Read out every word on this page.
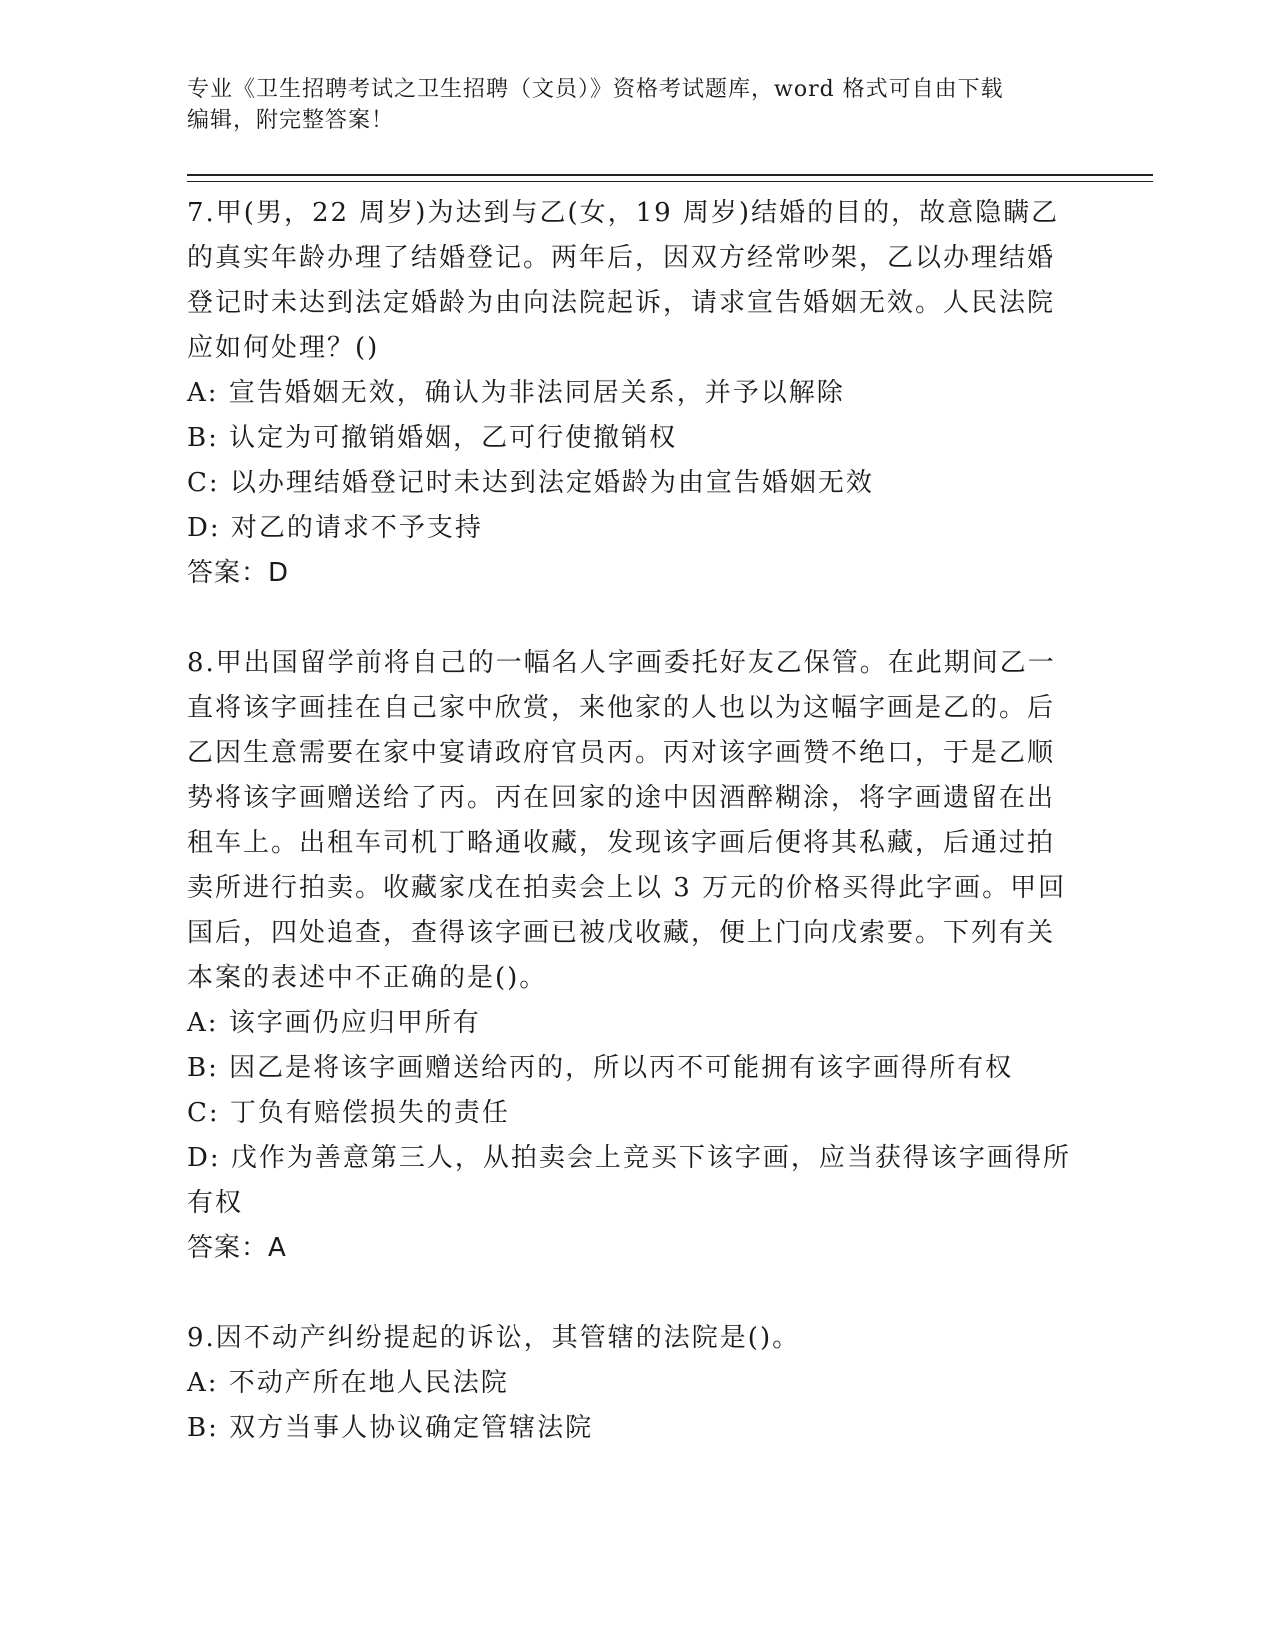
专业《卫生招聘考试之卫生招聘（文员）》资格考试题库，word 格式可自由下载
编辑，附完整答案！

7.甲(男，22 周岁)为达到与乙(女，19 周岁)结婚的目的，故意隐瞒乙的真实年龄办理了结婚登记。两年后，因双方经常吵架，乙以办理结婚登记时未达到法定婚龄为由向法院起诉，请求宣告婚姻无效。人民法院应如何处理？()

A: 宣告婚姻无效，确认为非法同居关系，并予以解除

B: 认定为可撤销婚姻，乙可行使撤销权

C: 以办理结婚登记时未达到法定婚龄为由宣告婚姻无效

D: 对乙的请求不予支持

答案：D

8.甲出国留学前将自己的一幅名人字画委托好友乙保管。在此期间乙一直将该字画挂在自己家中欣赏，来他家的人也以为这幅字画是乙的。后乙因生意需要在家中宴请政府官员丙。丙对该字画赞不绝口，于是乙顺势将该字画赠送给了丙。丙在回家的途中因酒醉糊涂，将字画遗留在出租车上。出租车司机丁略通收藏，发现该字画后便将其私藏，后通过拍卖所进行拍卖。收藏家戊在拍卖会上以 3 万元的价格买得此字画。甲回国后，四处追查，查得该字画已被戊收藏，便上门向戊索要。下列有关本案的表述中不正确的是()。

A: 该字画仍应归甲所有

B: 因乙是将该字画赠送给丙的，所以丙不可能拥有该字画得所有权

C: 丁负有赔偿损失的责任

D: 戊作为善意第三人，从拍卖会上竞买下该字画，应当获得该字画得所有权

答案：A

9.因不动产纠纷提起的诉讼，其管辖的法院是()。

A: 不动产所在地人民法院

B: 双方当事人协议确定管辖法院
